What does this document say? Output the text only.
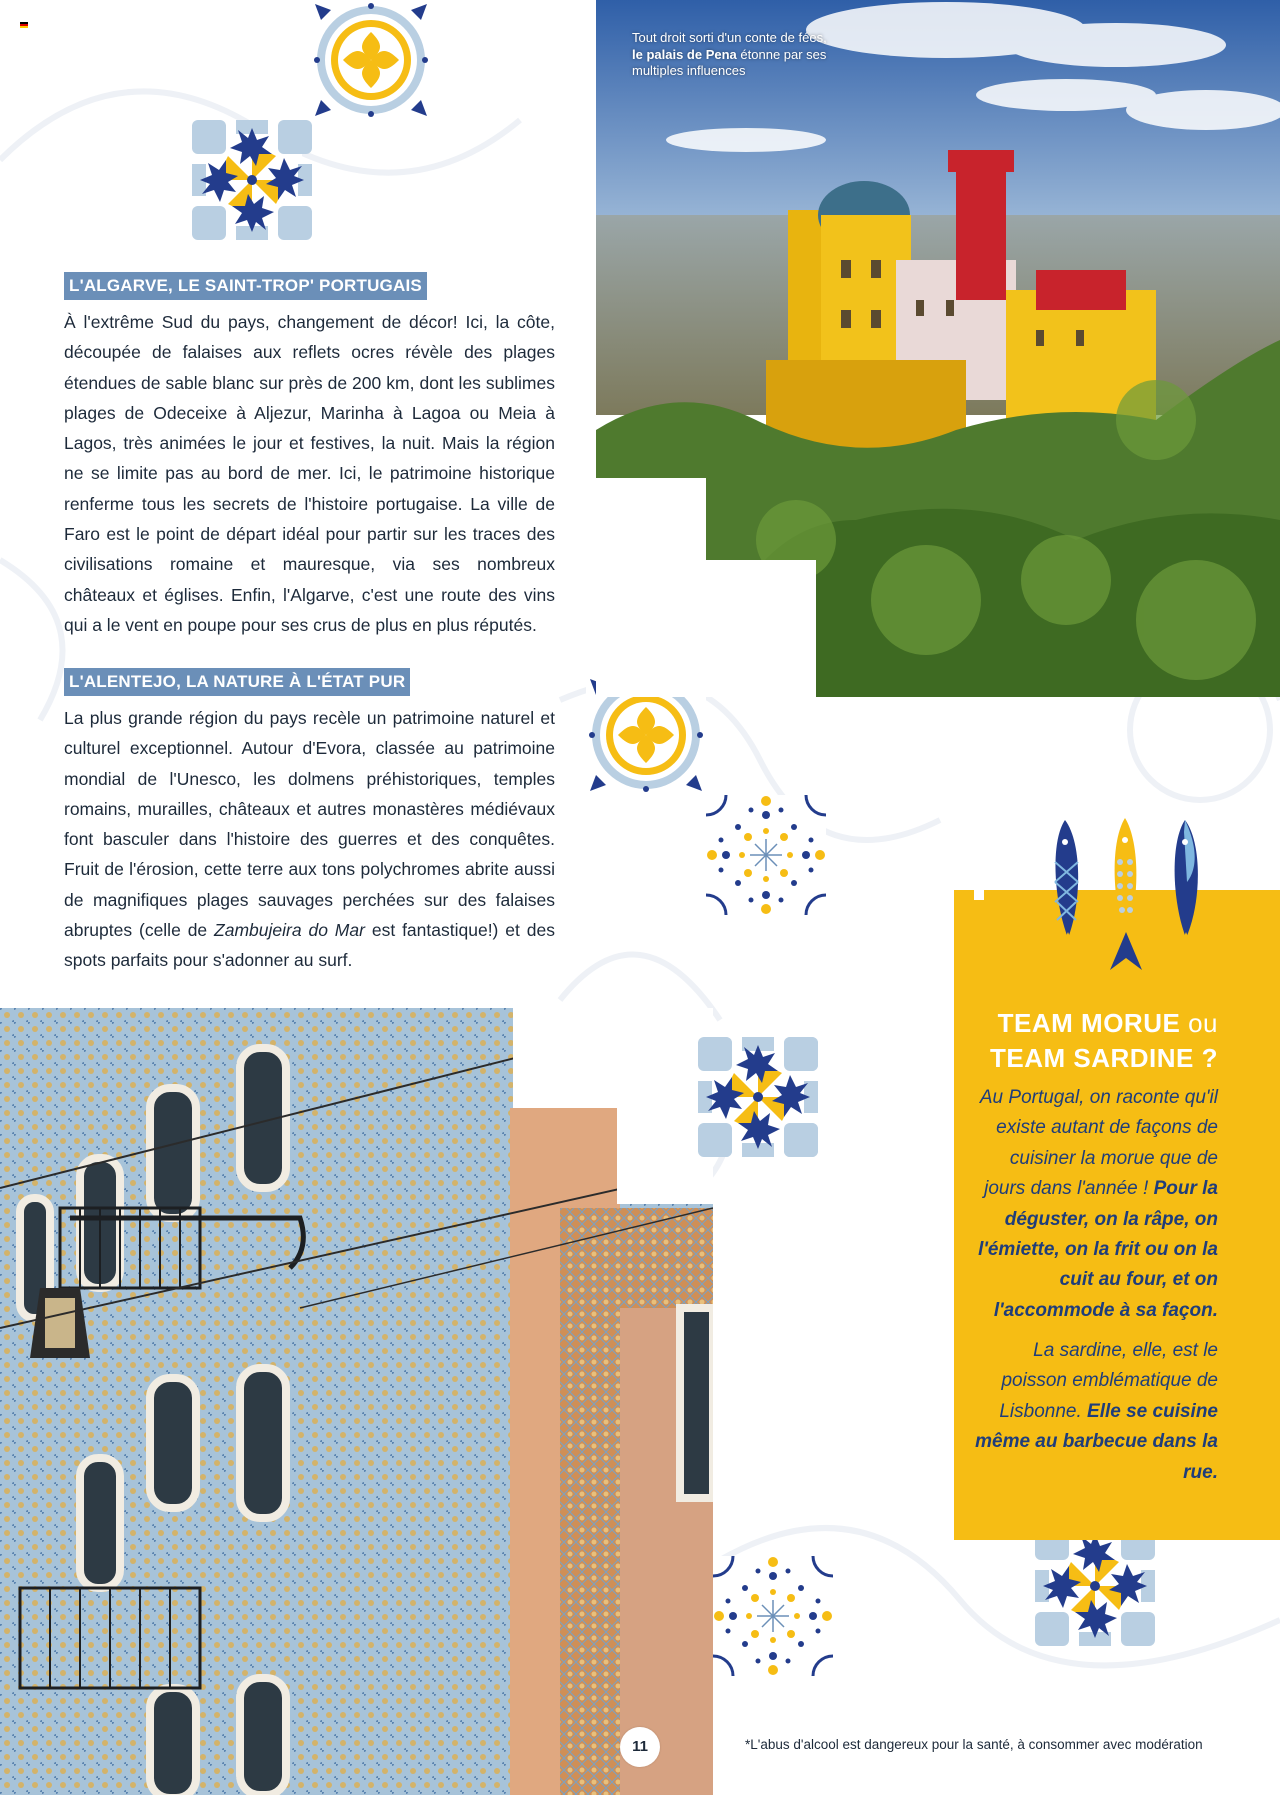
Tout droit sorti d'un conte de fées,
le palais de Pena étonne par ses multiples influences
L'ALGARVE, LE SAINT-TROP' PORTUGAIS

À l'extrême Sud du pays, changement de décor! Ici, la côte, découpée de falaises aux reflets ocres révèle des plages étendues de sable blanc sur près de 200 km, dont les sublimes plages de Odeceixe à Aljezur, Marinha à Lagoa ou Meia à Lagos, très animées le jour et festives, la nuit. Mais la région ne se limite pas au bord de mer. Ici, le patrimoine historique renferme tous les secrets de l'histoire portugaise. La ville de Faro est le point de départ idéal pour partir sur les traces des civilisations romaine et mauresque, via ses nombreux châteaux et églises. Enfin, l'Algarve, c'est une route des vins qui a le vent en poupe pour ses crus de plus en plus réputés.

L'ALENTEJO, LA NATURE À L'ÉTAT PUR

La plus grande région du pays recèle un patrimoine naturel et culturel exceptionnel. Autour d'Evora, classée au patrimoine mondial de l'Unesco, les dolmens préhistoriques, temples romains, murailles, châteaux et autres monastères médiévaux font basculer dans l'histoire des guerres et des conquêtes. Fruit de l'érosion, cette terre aux tons polychromes abrite aussi de magnifiques plages sauvages perchées sur des falaises abruptes (celle de Zambujeira do Mar est fantastique!) et des spots parfaits pour s'adonner au surf.

TEAM MORUE ou
TEAM SARDINE ?

Au Portugal, on raconte qu'il existe autant de façons de cuisiner la morue que de jours dans l'année ! Pour la déguster, on la râpe, on l'émiette, on la frit ou on la cuit au four, et on l'accommode à sa façon.

La sardine, elle, est le poisson emblématique de Lisbonne. Elle se cuisine même au barbecue dans la rue.

11	*L'abus d'alcool est dangereux pour la santé, à consommer avec modération
